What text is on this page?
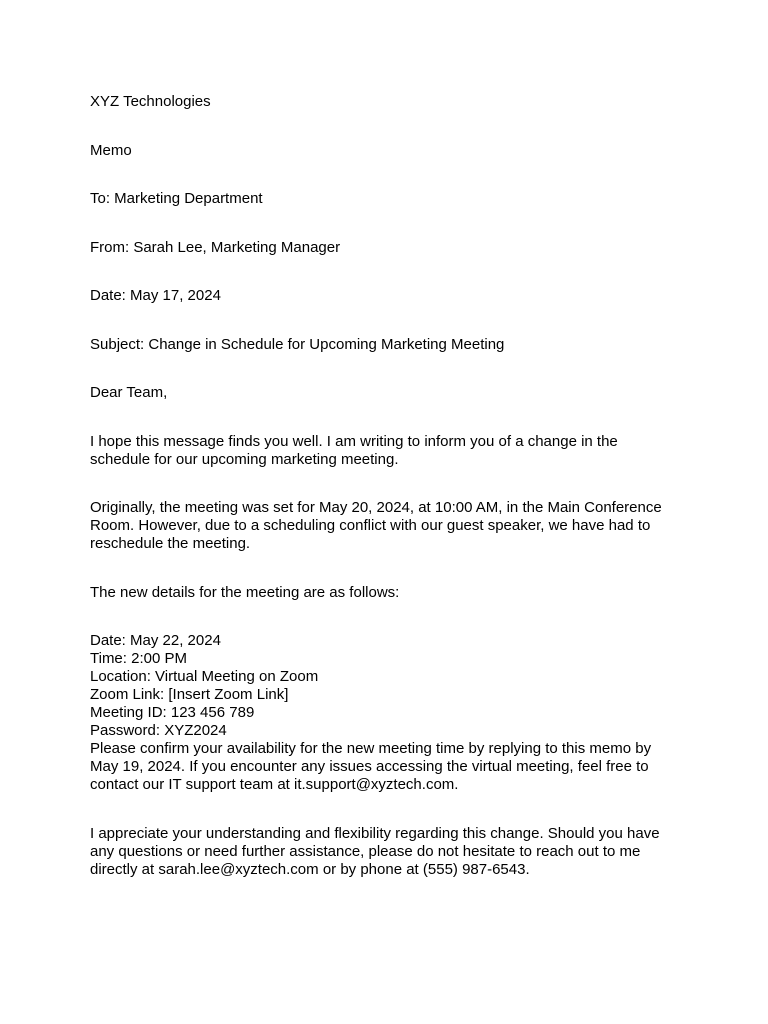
XYZ Technologies

Memo

To: Marketing Department

From: Sarah Lee, Marketing Manager

Date: May 17, 2024

Subject: Change in Schedule for Upcoming Marketing Meeting

Dear Team,

I hope this message finds you well. I am writing to inform you of a change in the schedule for our upcoming marketing meeting.

Originally, the meeting was set for May 20, 2024, at 10:00 AM, in the Main Conference Room. However, due to a scheduling conflict with our guest speaker, we have had to reschedule the meeting.

The new details for the meeting are as follows:

Date: May 22, 2024
Time: 2:00 PM
Location: Virtual Meeting on Zoom
Zoom Link: [Insert Zoom Link]
Meeting ID: 123 456 789
Password: XYZ2024
Please confirm your availability for the new meeting time by replying to this memo by May 19, 2024. If you encounter any issues accessing the virtual meeting, feel free to contact our IT support team at it.support@xyztech.com.

I appreciate your understanding and flexibility regarding this change. Should you have any questions or need further assistance, please do not hesitate to reach out to me directly at sarah.lee@xyztech.com or by phone at (555) 987-6543.
